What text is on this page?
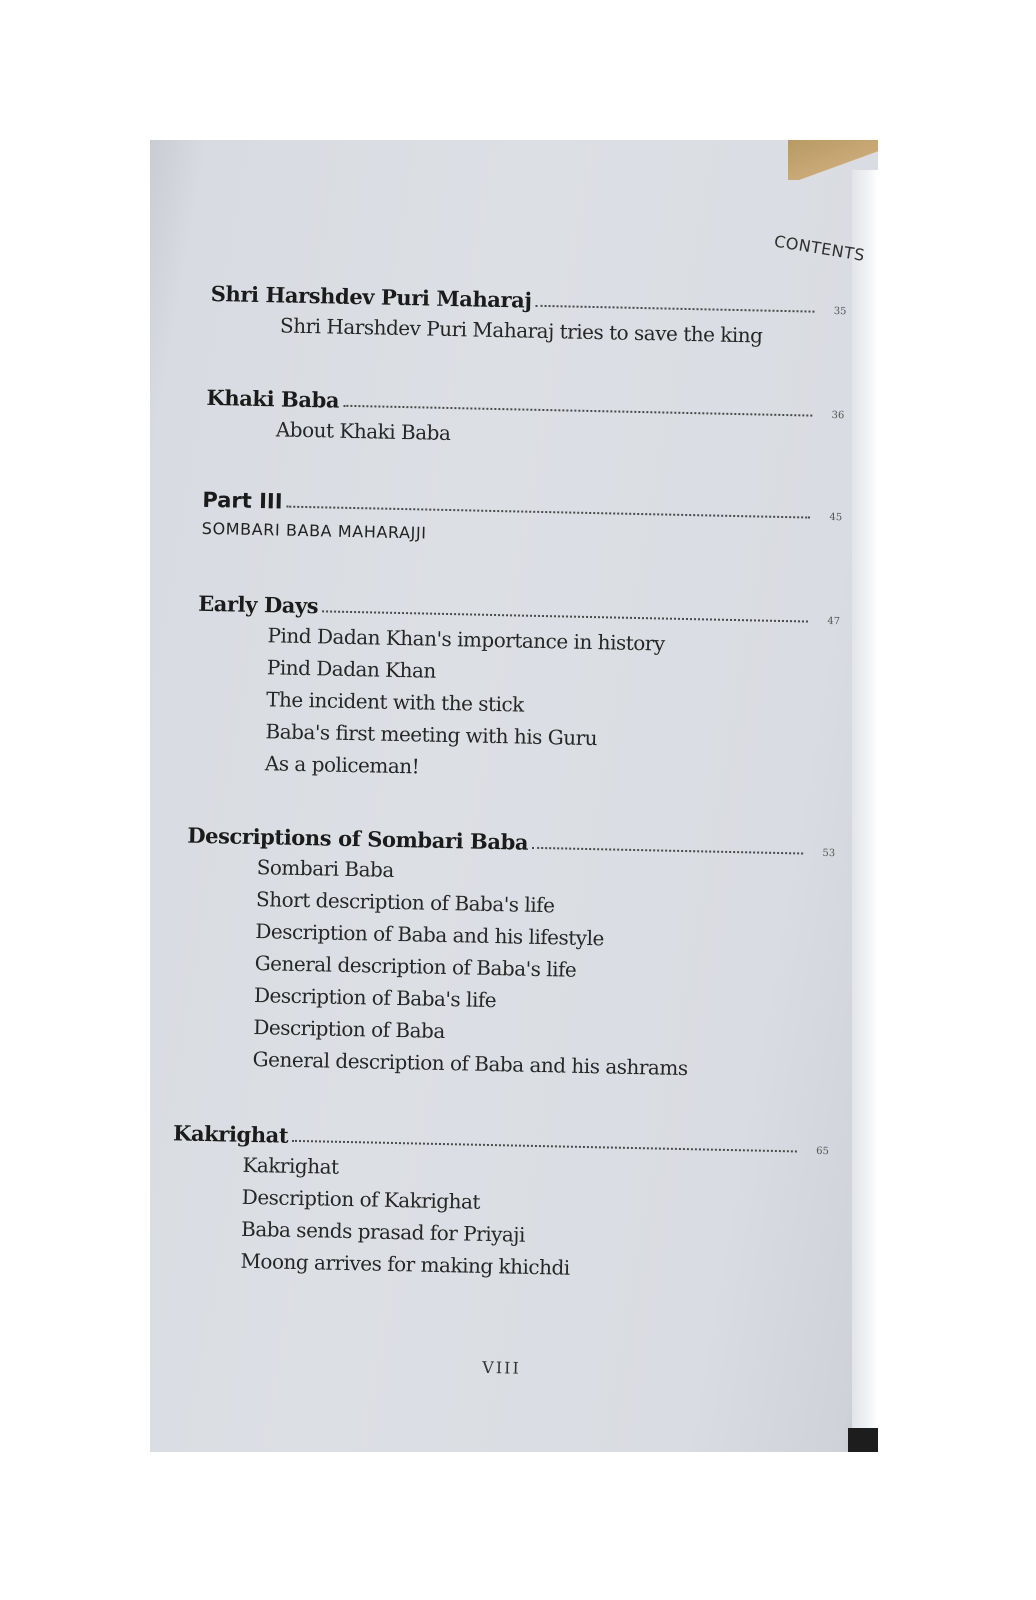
CONTENTS
Shri Harshdev Puri Maharaj	35
Shri Harshdev Puri Maharaj tries to save the king
Khaki Baba
36
About Khaki Baba
Part III
45
SOMBARI BABA MAHARAJJI
Early Days
47
Pind Dadan Khan's importance in history
Pind Dadan Khan
The incident with the stick
Baba's first meeting with his Guru
As a policeman!
Descriptions of Sombari Baba	53
Sombari Baba
Short description of Baba's life
Description of Baba and his lifestyle
General description of Baba's life
Description of Baba's life
Description of Baba
General description of Baba and his ashrams
Kakrighat
65
Kakrighat
Description of Kakrighat
Baba sends prasad for Priyaji
Moong arrives for making khichdi
VIII
